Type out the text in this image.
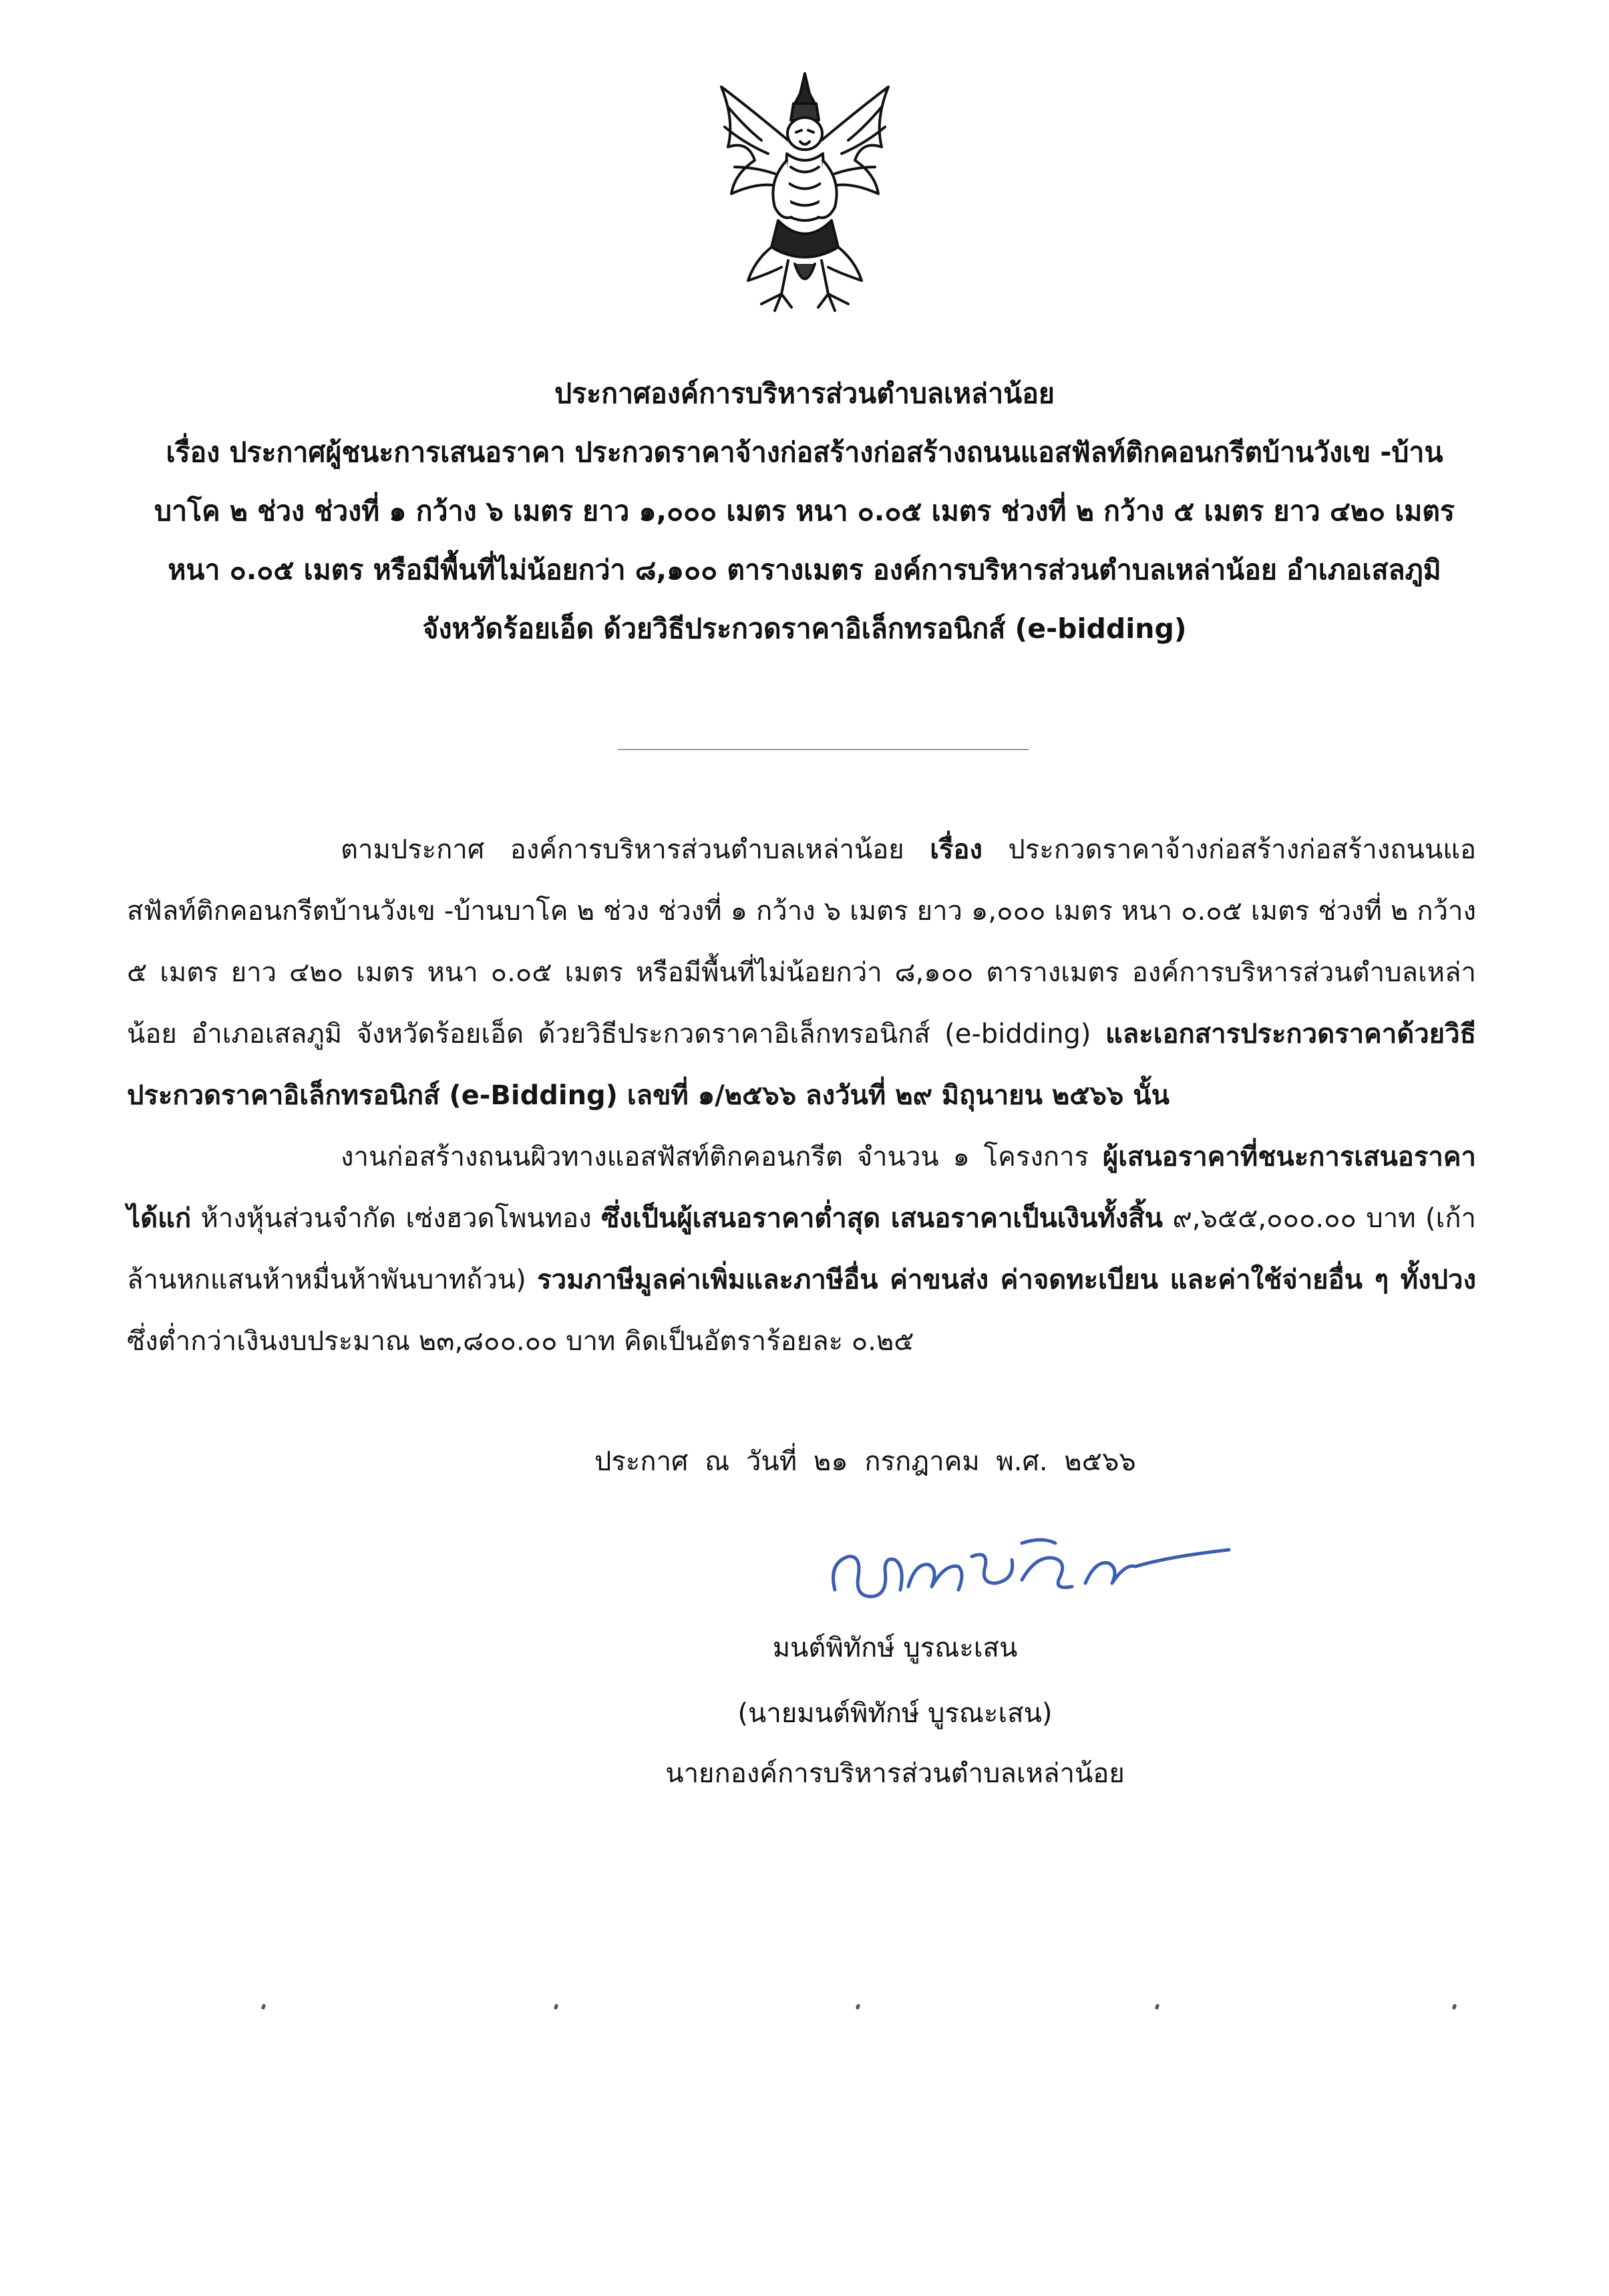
ประกาศองค์การบริหารส่วนตำบลเหล่าน้อย
เรื่อง ประกาศผู้ชนะการเสนอราคา ประกวดราคาจ้างก่อสร้างก่อสร้างถนนแอสฟัลท์ติกคอนกรีตบ้านวังเข -บ้านบาโค ๒ ช่วง ช่วงที่ ๑ กว้าง ๖ เมตร ยาว ๑,๐๐๐ เมตร หนา ๐.๐๕ เมตร ช่วงที่ ๒ กว้าง ๕ เมตร ยาว ๔๒๐ เมตร หนา ๐.๐๕ เมตร หรือมีพื้นที่ไม่น้อยกว่า ๘,๑๐๐ ตารางเมตร องค์การบริหารส่วนตำบลเหล่าน้อย อำเภอเสลภูมิ จังหวัดร้อยเอ็ด ด้วยวิธีประกวดราคาอิเล็กทรอนิกส์ (e-bidding)
ตามประกาศ องค์การบริหารส่วนตำบลเหล่าน้อย เรื่อง ประกวดราคาจ้างก่อสร้างก่อสร้างถนนแอสฟัลท์ติกคอนกรีตบ้านวังเข -บ้านบาโค ๒ ช่วง ช่วงที่ ๑ กว้าง ๖ เมตร ยาว ๑,๐๐๐ เมตร หนา ๐.๐๕ เมตร ช่วงที่ ๒ กว้าง ๕ เมตร ยาว ๔๒๐ เมตร หนา ๐.๐๕ เมตร หรือมีพื้นที่ไม่น้อยกว่า ๘,๑๐๐ ตารางเมตร องค์การบริหารส่วนตำบลเหล่าน้อย อำเภอเสลภูมิ จังหวัดร้อยเอ็ด ด้วยวิธีประกวดราคาอิเล็กทรอนิกส์ (e-bidding) และเอกสารประกวดราคาด้วยวิธีประกวดราคาอิเล็กทรอนิกส์ (e-Bidding) เลขที่ ๑/๒๕๖๖ ลงวันที่ ๒๙ มิถุนายน ๒๕๖๖ นั้น
งานก่อสร้างถนนผิวทางแอสฟัสท์ติกคอนกรีต จำนวน ๑ โครงการ ผู้เสนอราคาที่ชนะการเสนอราคา ได้แก่ ห้างหุ้นส่วนจำกัด เซ่งฮวดโพนทอง ซึ่งเป็นผู้เสนอราคาต่ำสุด เสนอราคาเป็นเงินทั้งสิ้น ๙,๖๕๕,๐๐๐.๐๐ บาท (เก้าล้านหกแสนห้าหมื่นห้าพันบาทถ้วน) รวมภาษีมูลค่าเพิ่มและภาษีอื่น ค่าขนส่ง ค่าจดทะเบียน และค่าใช้จ่ายอื่น ๆ ทั้งปวง ซึ่งต่ำกว่าเงินงบประมาณ ๒๓,๘๐๐.๐๐ บาท คิดเป็นอัตราร้อยละ ๐.๒๕
ประกาศ ณ วันที่ ๒๑ กรกฎาคม พ.ศ. ๒๕๖๖
มนต์พิทักษ์ บูรณะเสน
(นายมนต์พิทักษ์ บูรณะเสน)
นายกองค์การบริหารส่วนตำบลเหล่าน้อย
